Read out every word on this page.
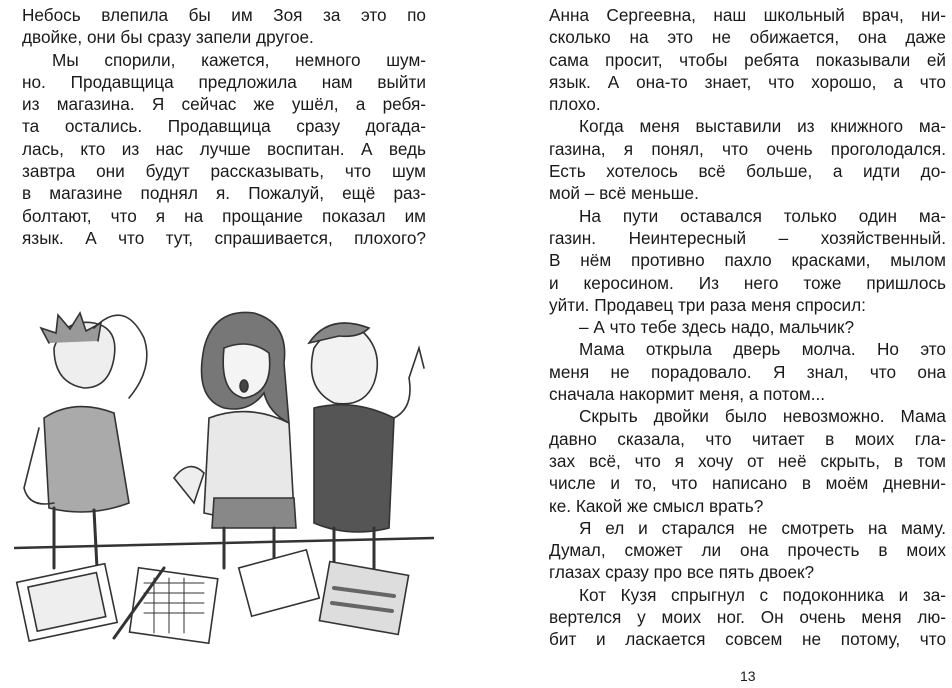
Небось влепила бы им Зоя за это по
двойке, они бы сразу запели другое.
Мы спорили, кажется, немного шум-
но. Продавщица предложила нам выйти
из магазина. Я сейчас же ушёл, а ребя-
та остались. Продавщица сразу догада-
лась, кто из нас лучше воспитан. А ведь
завтра они будут рассказывать, что шум
в магазине поднял я. Пожалуй, ещё раз-
болтают, что я на прощание показал им
язык. А что тут, спрашивается, плохого?
Анна Сергеевна, наш школьный врач, ни-
сколько на это не обижается, она даже
сама просит, чтобы ребята показывали ей
язык. А она-то знает, что хорошо, а что
плохо.
Когда меня выставили из книжного ма-
газина, я понял, что очень проголодался.
Есть хотелось всё больше, а идти до-
мой – всё меньше.
На пути оставался только один ма-
газин. Неинтересный – хозяйственный.
В нём противно пахло красками, мылом
и керосином. Из него тоже пришлось
уйти. Продавец три раза меня спросил:
– А что тебе здесь надо, мальчик?
Мама открыла дверь молча. Но это
меня не порадовало. Я знал, что она
сначала накормит меня, а потом...
Скрыть двойки было невозможно. Мама
давно сказала, что читает в моих гла-
зах всё, что я хочу от неё скрыть, в том
числе и то, что написано в моём дневни-
ке. Какой же смысл врать?
Я ел и старался не смотреть на маму.
Думал, сможет ли она прочесть в моих
глазах сразу про все пять двоек?
Кот Кузя спрыгнул с подоконника и за-
вертелся у моих ног. Он очень меня лю-
бит и ласкается совсем не потому, что
13
